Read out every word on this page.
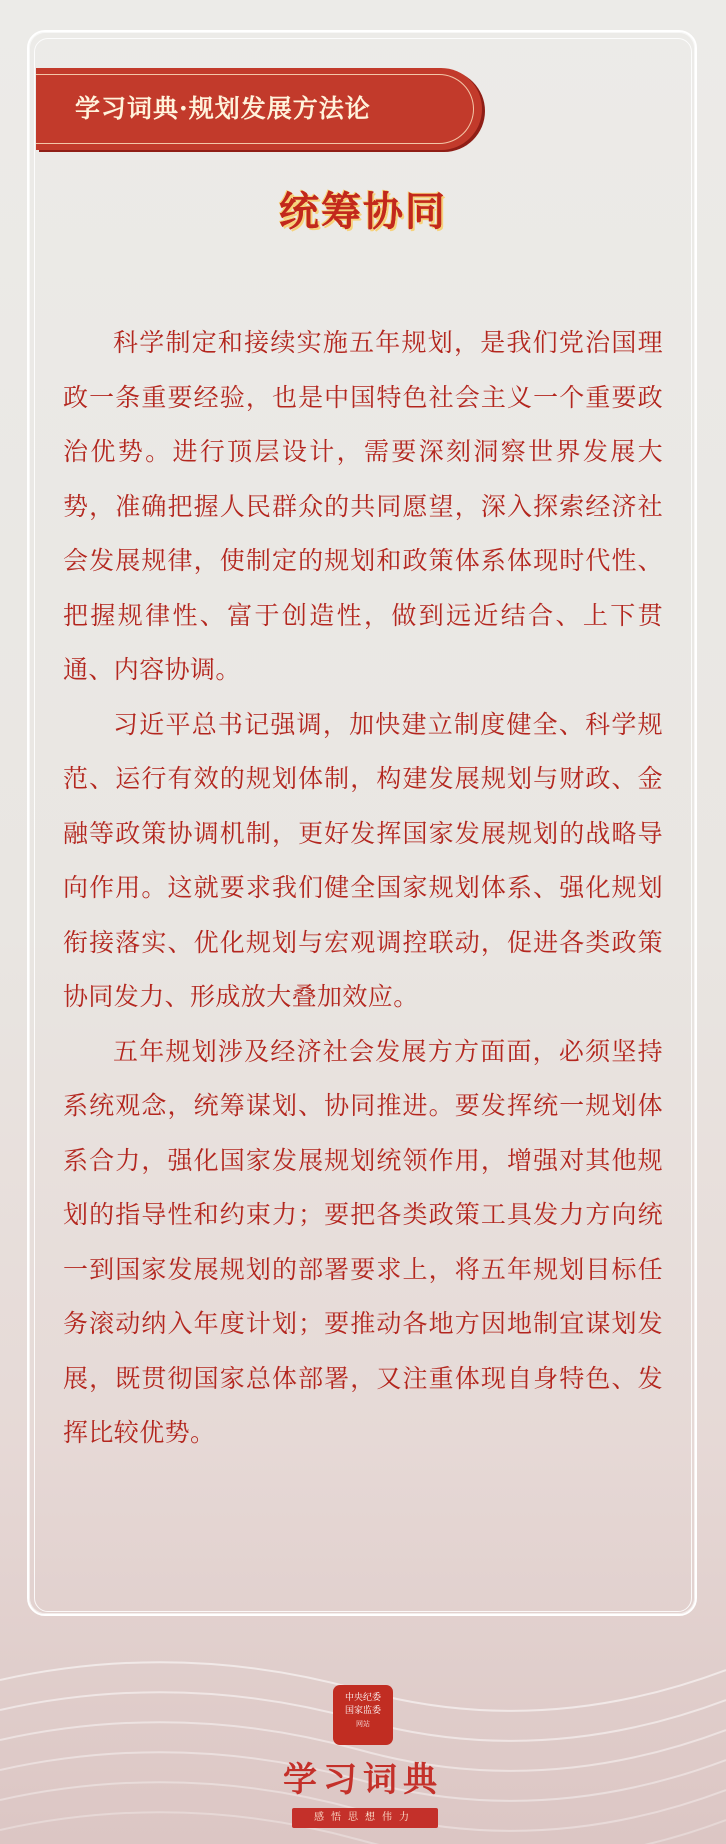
学习词典·规划发展方法论
统筹协同

科学制定和接续实施五年规划，是我们党治国理政一条重要经验，也是中国特色社会主义一个重要政治优势。进行顶层设计，需要深刻洞察世界发展大势，准确把握人民群众的共同愿望，深入探索经济社会发展规律，使制定的规划和政策体系体现时代性、把握规律性、富于创造性，做到远近结合、上下贯通、内容协调。

习近平总书记强调，加快建立制度健全、科学规范、运行有效的规划体制，构建发展规划与财政、金融等政策协调机制，更好发挥国家发展规划的战略导向作用。这就要求我们健全国家规划体系、强化规划衔接落实、优化规划与宏观调控联动，促进各类政策协同发力、形成放大叠加效应。

五年规划涉及经济社会发展方方面面，必须坚持系统观念，统筹谋划、协同推进。要发挥统一规划体系合力，强化国家发展规划统领作用，增强对其他规划的指导性和约束力；要把各类政策工具发力方向统一到国家发展规划的部署要求上，将五年规划目标任务滚动纳入年度计划；要推动各地方因地制宜谋划发展，既贯彻国家总体部署，又注重体现自身特色、发挥比较优势。

中央纪委
国家监委
网站
学习词典
感悟思想伟力
